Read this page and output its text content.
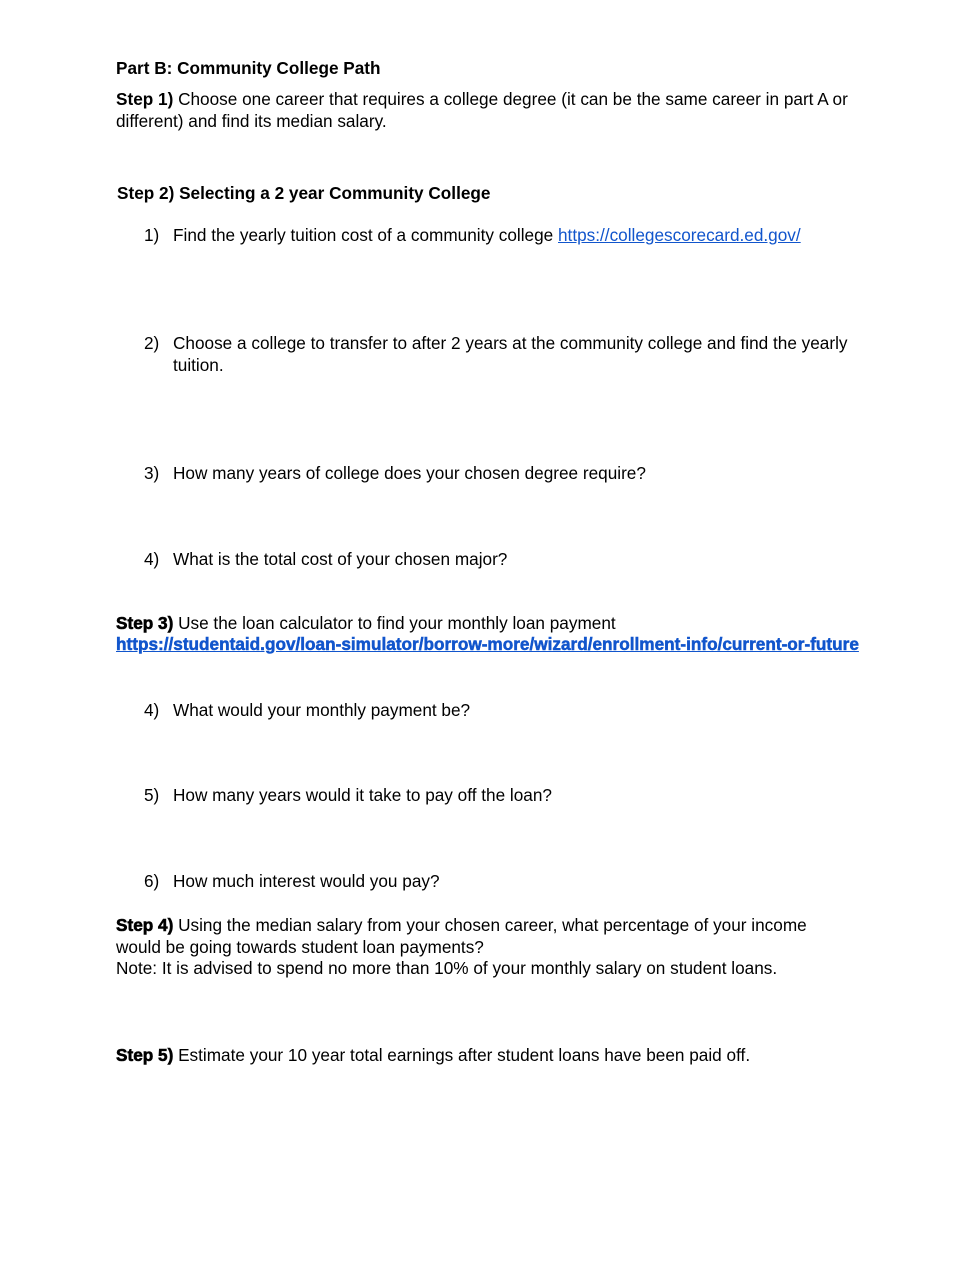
Part B: Community College Path
Step 1) Choose one career that requires a college degree (it can be the same career in part A or different) and find its median salary.
Step 2) Selecting a 2 year Community College
1) Find the yearly tuition cost of a community college https://collegescorecard.ed.gov/
2) Choose a college to transfer to after 2 years at the community college and find the yearly tuition.
3) How many years of college does your chosen degree require?
4) What is the total cost of your chosen major?
Step 3) Use the loan calculator to find your monthly loan payment
https://studentaid.gov/loan-simulator/borrow-more/wizard/enrollment-info/current-or-future
4) What would your monthly payment be?
5) How many years would it take to pay off the loan?
6) How much interest would you pay?
Step 4) Using the median salary from your chosen career, what percentage of your income would be going towards student loan payments?
Note: It is advised to spend no more than 10% of your monthly salary on student loans.
Step 5) Estimate your 10 year total earnings after student loans have been paid off.
